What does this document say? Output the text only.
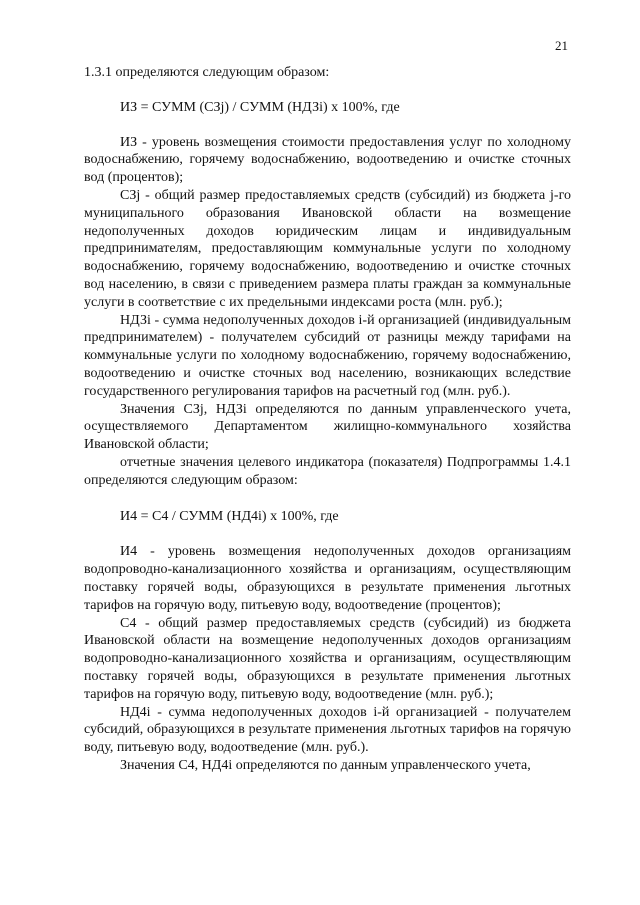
21

1.3.1 определяются следующим образом:

ИЗ = СУММ (СЗj) / СУММ (НДЗi) x 100%, где

ИЗ - уровень возмещения стоимости предоставления услуг по холодному водоснабжению, горячему водоснабжению, водоотведению и очистке сточных вод (процентов);

СЗj - общий размер предоставляемых средств (субсидий) из бюджета j-го муниципального образования Ивановской области на возмещение недополученных доходов юридическим лицам и индивидуальным предпринимателям, предоставляющим коммунальные услуги по холодному водоснабжению, горячему водоснабжению, водоотведению и очистке сточных вод населению, в связи с приведением размера платы граждан за коммунальные услуги в соответствие с их предельными индексами роста (млн. руб.);

НДЗi - сумма недополученных доходов i-й организацией (индивидуальным предпринимателем) - получателем субсидий от разницы между тарифами на коммунальные услуги по холодному водоснабжению, горячему водоснабжению, водоотведению и очистке сточных вод населению, возникающих вследствие государственного регулирования тарифов на расчетный год (млн. руб.).

Значения СЗj, НДЗi определяются по данным управленческого учета, осуществляемого Департаментом жилищно-коммунального хозяйства Ивановской области;

отчетные значения целевого индикатора (показателя) Подпрограммы 1.4.1 определяются следующим образом:

И4 = С4 / СУММ (НД4i) x 100%, где

И4 - уровень возмещения недополученных доходов организациям водопроводно-канализационного хозяйства и организациям, осуществляющим поставку горячей воды, образующихся в результате применения льготных тарифов на горячую воду, питьевую воду, водоотведение (процентов);

С4 - общий размер предоставляемых средств (субсидий) из бюджета Ивановской области на возмещение недополученных доходов организациям водопроводно-канализационного хозяйства и организациям, осуществляющим поставку горячей воды, образующихся в результате применения льготных тарифов на горячую воду, питьевую воду, водоотведение (млн. руб.);

НД4i - сумма недополученных доходов i-й организацией - получателем субсидий, образующихся в результате применения льготных тарифов на горячую воду, питьевую воду, водоотведение (млн. руб.).

Значения С4, НД4i определяются по данным управленческого учета,
